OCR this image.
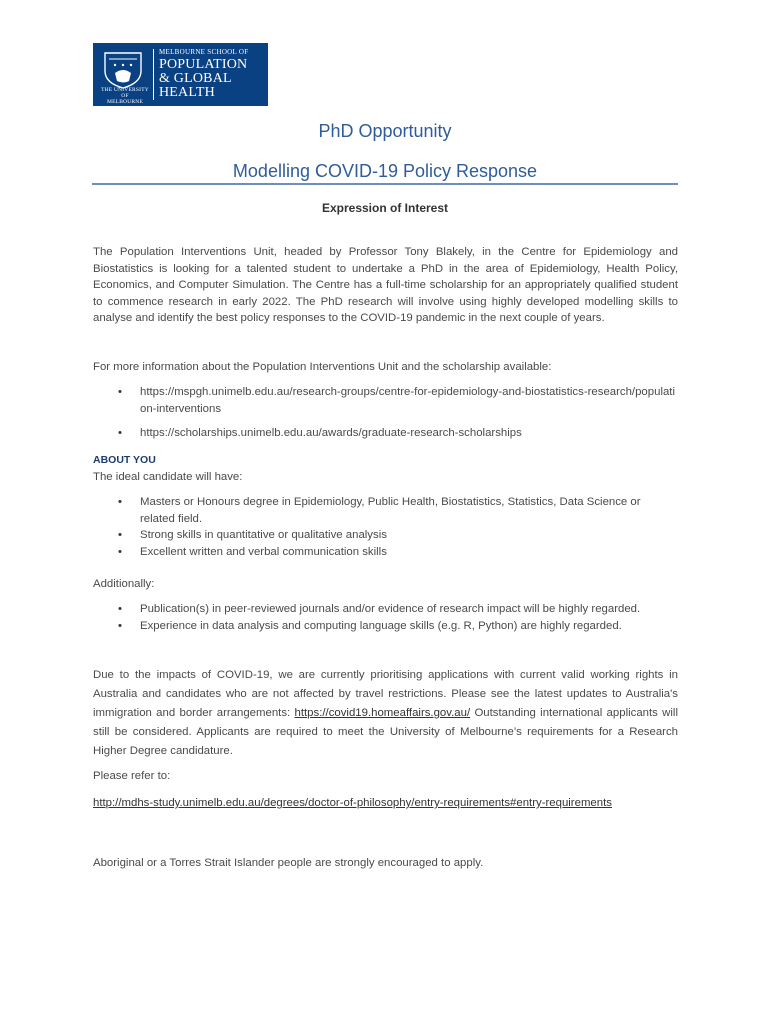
THE UNIVERSITY OF
MELBOURNE
MELBOURNE SCHOOL OF
POPULATION
& GLOBAL
HEALTH
PhD Opportunity
Modelling COVID-19 Policy Response
Expression of Interest
The Population Interventions Unit, headed by Professor Tony Blakely, in the Centre for Epidemiology and Biostatistics is looking for a talented student to undertake a PhD in the area of Epidemiology, Health Policy, Economics, and Computer Simulation. The Centre has a full-time scholarship for an appropriately qualified student to commence research in early 2022. The PhD research will involve using highly developed modelling skills to analyse and identify the best policy responses to the COVID-19 pandemic in the next couple of years.
For more information about the Population Interventions Unit and the scholarship available:
• https://mspgh.unimelb.edu.au/research-groups/centre-for-epidemiology-and-biostatistics-research/population-interventions
• https://scholarships.unimelb.edu.au/awards/graduate-research-scholarships
ABOUT YOU
The ideal candidate will have:
• Masters or Honours degree in Epidemiology, Public Health, Biostatistics, Statistics, Data Science or related field.
• Strong skills in quantitative or qualitative analysis
• Excellent written and verbal communication skills
Additionally:
• Publication(s) in peer-reviewed journals and/or evidence of research impact will be highly regarded.
• Experience in data analysis and computing language skills (e.g. R, Python) are highly regarded.
Due to the impacts of COVID-19, we are currently prioritising applications with current valid working rights in Australia and candidates who are not affected by travel restrictions. Please see the latest updates to Australia's immigration and border arrangements: https://covid19.homeaffairs.gov.au/ Outstanding international applicants will still be considered. Applicants are required to meet the University of Melbourne’s requirements for a Research Higher Degree candidature.
Please refer to:
http://mdhs-study.unimelb.edu.au/degrees/doctor-of-philosophy/entry-requirements#entry-requirements
Aboriginal or a Torres Strait Islander people are strongly encouraged to apply.
